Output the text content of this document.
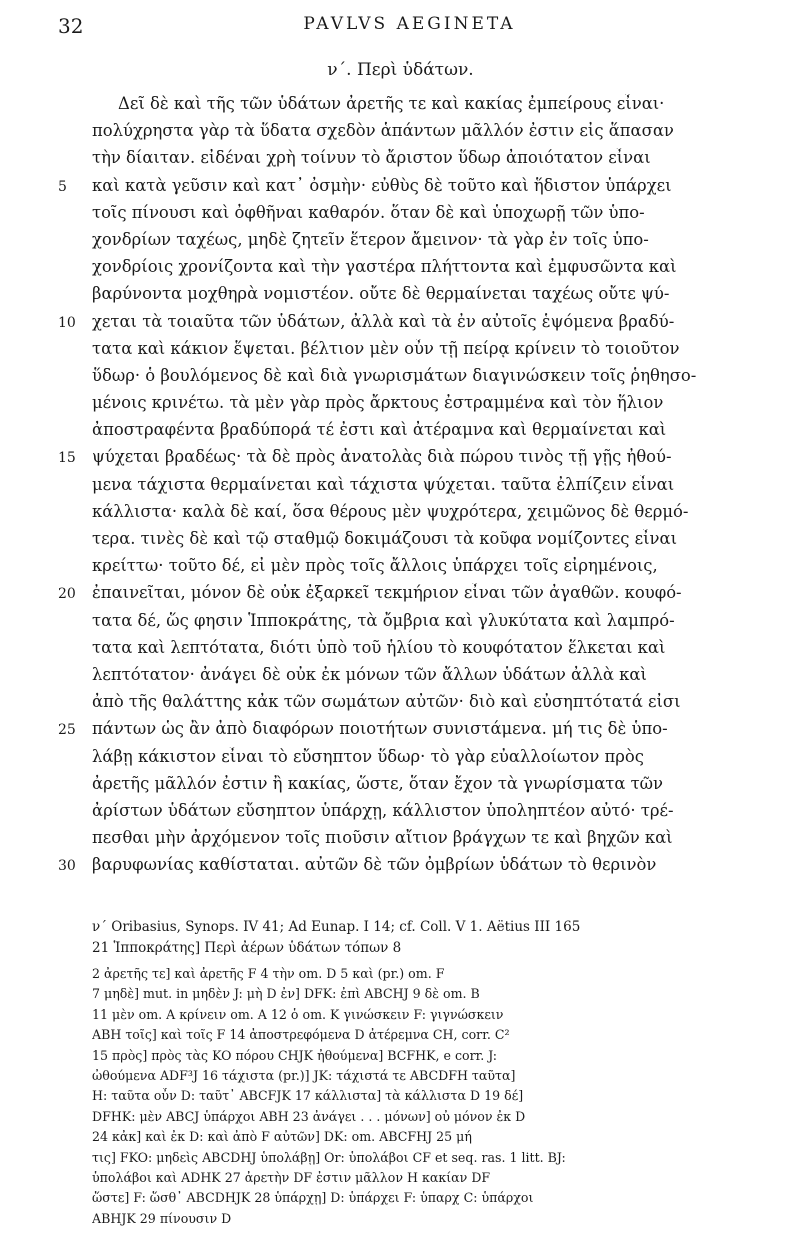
32	PAVLVS AEGINETA
ν΄. Περὶ ὑδάτων.
Δεῖ δὲ καὶ τῆς τῶν ὑδάτων ἀρετῆς τε καὶ κακίας ἐμπείρους εἶναι·
πολύχρηστα γὰρ τὰ ὕδατα σχεδὸν ἁπάντων μᾶλλόν ἐστιν εἰς ἅπασαν
τὴν δίαιταν. εἰδέναι χρὴ τοίνυν τὸ ἄριστον ὕδωρ ἀποιότατον εἶναι
5	καὶ κατὰ γεῦσιν καὶ κατ᾿ ὀσμὴν· εὐθὺς δὲ τοῦτο καὶ ἥδιστον ὑπάρχει
τοῖς πίνουσι καὶ ὀφθῆναι καθαρόν. ὅταν δὲ καὶ ὑποχωρῇ τῶν ὑπο-
χονδρίων ταχέως, μηδὲ ζητεῖν ἕτερον ἄμεινον· τὰ γὰρ ἐν τοῖς ὑπο-
χονδρίοις χρονίζοντα καὶ τὴν γαστέρα πλήττοντα καὶ ἐμφυσῶντα καὶ
βαρύνοντα μοχθηρὰ νομιστέον. οὔτε δὲ θερμαίνεται ταχέως οὔτε ψύ-
10 χεται τὰ τοιαῦτα τῶν ὑδάτων, ἀλλὰ καὶ τὰ ἐν αὐτοῖς ἑψόμενα βραδύ-
τατα καὶ κάκιον ἕψεται. βέλτιον μὲν οὖν τῇ πείρᾳ κρίνειν τὸ τοιοῦτον
ὕδωρ· ὁ βουλόμενος δὲ καὶ διὰ γνωρισμάτων διαγινώσκειν τοῖς ῥηθησο-
μένοις κρινέτω. τὰ μὲν γὰρ πρὸς ἄρκτους ἐστραμμένα καὶ τὸν ἥλιον
ἀποστραφέντα βραδύπορά τέ ἐστι καὶ ἀτέραμνα καὶ θερμαίνεται καὶ
15 ψύχεται βραδέως· τὰ δὲ πρὸς ἀνατολὰς διὰ πώρου τινὸς τῇ γῇς ἠθού-
μενα τάχιστα θερμαίνεται καὶ τάχιστα ψύχεται. ταῦτα ἐλπίζειν εἶναι
κάλλιστα· καλὰ δὲ καί, ὅσα θέρους μὲν ψυχρότερα, χειμῶνος δὲ θερμό-
τερα. τινὲς δὲ καὶ τῷ σταθμῷ δοκιμάζουσι τὰ κοῦφα νομίζοντες εἶναι
κρείττω· τοῦτο δέ, εἰ μὲν πρὸς τοῖς ἄλλοις ὑπάρχει τοῖς εἰρημένοις,
20 ἐπαινεῖται, μόνον δὲ οὐκ ἐξαρκεῖ τεκμήριον εἶναι τῶν ἀγαθῶν. κουφό-
τατα δέ, ὥς φησιν Ἱπποκράτης, τὰ ὄμβρια καὶ γλυκύτατα καὶ λαμπρό-
τατα καὶ λεπτότατα, διότι ὑπὸ τοῦ ἡλίου τὸ κουφότατον ἕλκεται καὶ
λεπτότατον· ἀνάγει δὲ οὐκ ἐκ μόνων τῶν ἄλλων ὑδάτων ἀλλὰ καὶ
ἀπὸ τῆς θαλάττης κἀκ τῶν σωμάτων αὐτῶν· διὸ καὶ εὐσηπτότατά εἰσι
25 πάντων ὡς ἂν ἀπὸ διαφόρων ποιοτήτων συνιστάμενα. μή τις δὲ ὑπο-
λάβῃ κάκιστον εἶναι τὸ εὔσηπτον ὕδωρ· τὸ γὰρ εὐαλλοίωτον πρὸς
ἀρετῆς μᾶλλόν ἐστιν ἢ κακίας, ὥστε, ὅταν ἔχον τὰ γνωρίσματα τῶν
ἀρίστων ὑδάτων εὔσηπτον ὑπάρχῃ, κάλλιστον ὑποληπτέον αὐτό· τρέ-
πεσθαι μὴν ἀρχόμενον τοῖς πιοῦσιν αἴτιον βράγχων τε καὶ βηχῶν καὶ
30 βαρυφωνίας καθίσταται. αὐτῶν δὲ τῶν ὀμβρίων ὑδάτων τὸ θερινὸν
ν΄ Oribasius, Synops. IV 41; Ad Eunap. I 14; cf. Coll. V 1. Aëtius III 165
21 Ἱπποκράτης] Περὶ ἀέρων ὑδάτων τόπων 8
2 ἀρετῆς τε] καὶ ἀρετῆς F 4 τὴν om. D 5 καὶ (pr.) om. F
7 μηδὲ] mut. in μηδὲν J: μὴ D ἐν] DFK: ἐπὶ ABCHJ 9 δὲ om. B
11 μὲν om. A κρίνειν om. A 12 ὁ om. K γινώσκειν F: γιγνώσκειν
ABH τοῖς] καὶ τοῖς F 14 ἀποστρεφόμενα D ἀτέρεμνα CH, corr. C²
15 πρὸς] πρὸς τὰς KO πόρου CHJK ἠθούμενα] BCFHK, e corr. J:
ὠθούμενα ADF³J 16 τάχιστα (pr.)] JK: τάχιστά τε ABCDFH ταῦτα]
H: ταῦτα οὖν D: ταῦτ᾿ ABCFJK 17 κάλλιστα] τὰ κάλλιστα D 19 δέ]
DFHK: μὲν ABCJ ὑπάρχοι ABH 23 ἀνάγει . . . μόνων] οὐ μόνον ἐκ D
24 κἀκ] καὶ ἐκ D: καὶ ἀπὸ F αὐτῶν] DK: om. ABCFHJ 25 μή
τις] FKO: μηδεὶς ABCDHJ ὑπολάβῃ] Or: ὑπολάβοι CF et seq. ras. 1 litt. BJ:
ὑπολάβοι καὶ ADHK 27 ἀρετὴν DF ἐστιν μᾶλλον H κακίαν DF
ὥστε] F: ὥσθ᾿ ABCDHJK 28 ὑπάρχῃ] D: ὑπάρχει F: ὑπαρχ C: ὑπάρχοι
ABHJK 29 πίνουσιν D
